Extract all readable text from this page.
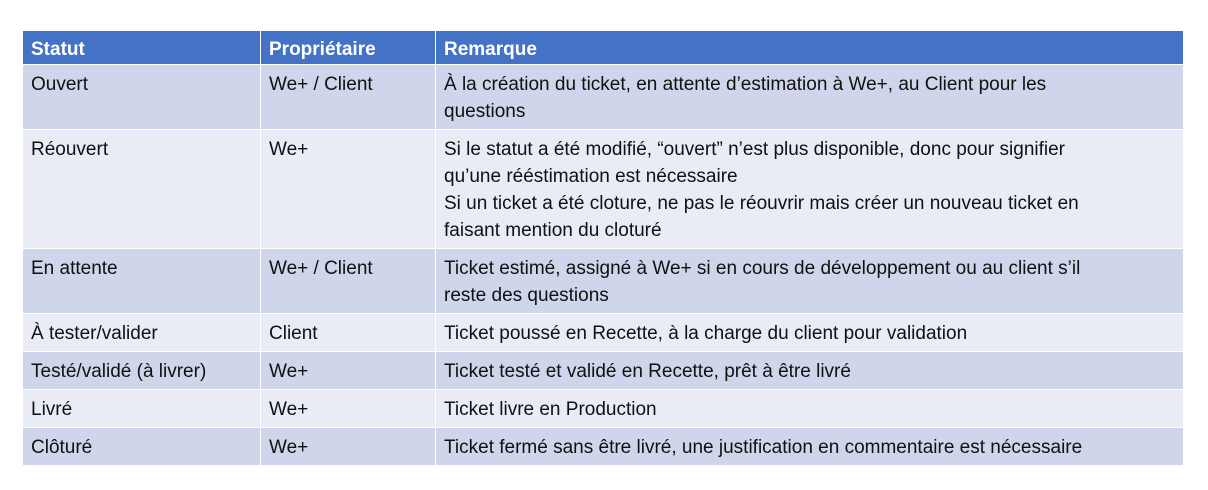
Statut	Propriétaire	Remarque
Ouvert	We+ / Client	À la création du ticket, en attente d’estimation à We+, au Client pour les
questions

Réouvert	We+	Si le statut a été modifié, “ouvert” n’est plus disponible, donc pour signifier
qu’une rééstimation est nécessaire
Si un ticket a été cloture, ne pas le réouvrir mais créer un nouveau ticket en
faisant mention du cloturé

En attente	We+ / Client	Ticket estimé, assigné à We+ si en cours de développement ou au client s’il
reste des questions

À tester/valider	Client	Ticket poussé en Recette, à la charge du client pour validation

Testé/validé (à livrer)	We+	Ticket testé et validé en Recette, prêt à être livré

Livré	We+	Ticket livre en Production

Clôturé	We+	Ticket fermé sans être livré, une justification en commentaire est nécessaire
